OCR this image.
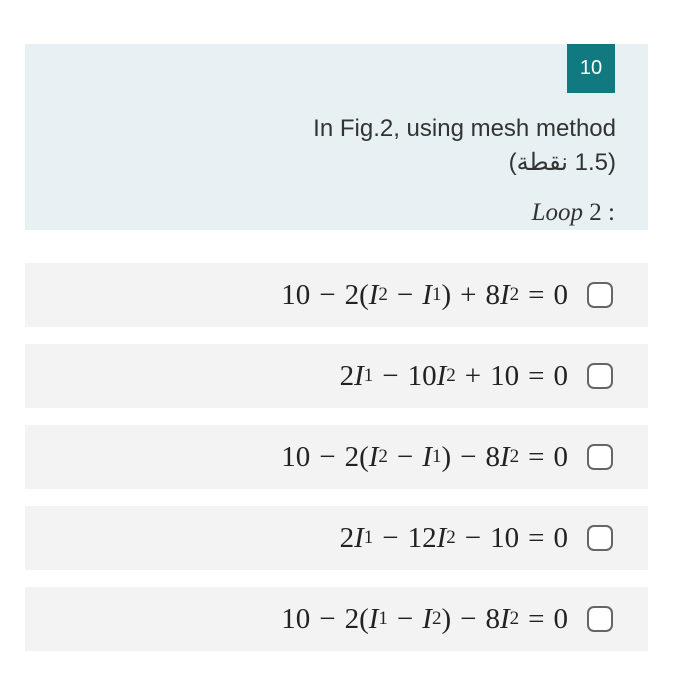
10
In Fig.2, using mesh method
(1.5 نقطة)
Loop 2 :
10 − 2( I 2 − I 1 ) + 8 I 2 = 0
2 I 1 − 10 I 2 + 10 = 0
10 − 2( I 2 − I 1 ) − 8 I 2 = 0
2 I 1 − 12 I 2 − 10 = 0
10 − 2( I 1 − I 2 ) − 8 I 2 = 0
